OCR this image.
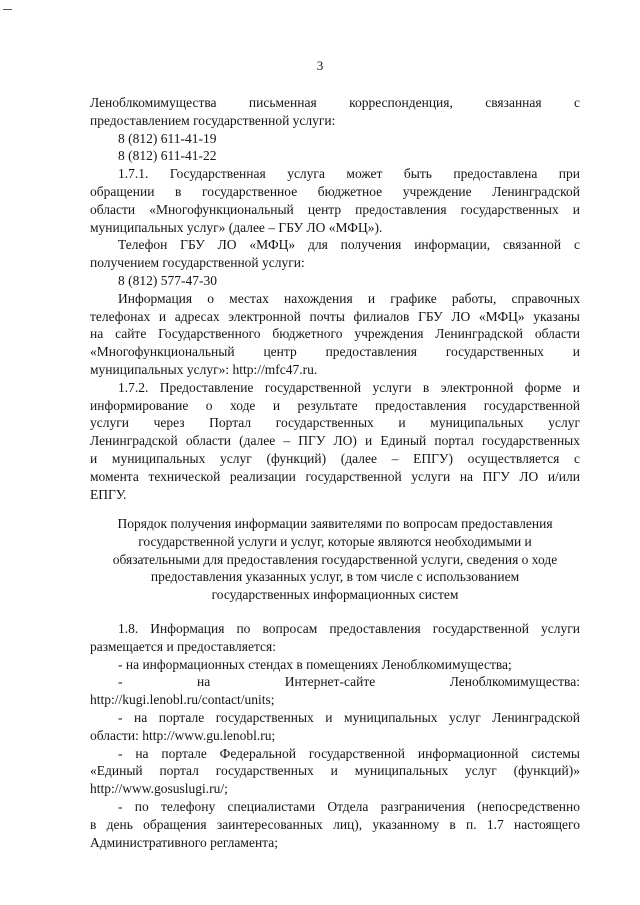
3

Леноблкомимущества письменная корреспонденция, связанная с

предоставлением государственной услуги:

8 (812) 611-41-19

8 (812) 611-41-22

1.7.1. Государственная услуга может быть предоставлена при

обращении в государственное бюджетное учреждение Ленинградской

области «Многофункциональный центр предоставления государственных и

муниципальных услуг» (далее – ГБУ ЛО «МФЦ»).

Телефон ГБУ ЛО «МФЦ» для получения информации, связанной с

получением государственной услуги:

8 (812) 577-47-30

Информация о местах нахождения и графике работы, справочных

телефонах и адресах электронной почты филиалов ГБУ ЛО «МФЦ» указаны

на сайте Государственного бюджетного учреждения Ленинградской области

«Многофункциональный центр предоставления государственных и

муниципальных услуг»: http://mfc47.ru.

1.7.2. Предоставление государственной услуги в электронной форме и

информирование о ходе и результате предоставления государственной

услуги через Портал государственных и муниципальных услуг

Ленинградской области (далее – ПГУ ЛО) и Единый портал государственных

и муниципальных услуг (функций) (далее – ЕПГУ) осуществляется с

момента технической реализации государственной услуги на ПГУ ЛО и/или

ЕПГУ.

Порядок получения информации заявителями по вопросам предоставления

государственной услуги и услуг, которые являются необходимыми и

обязательными для предоставления государственной услуги, сведения о ходе

предоставления указанных услуг, в том числе с использованием

государственных информационных систем

1.8. Информация по вопросам предоставления государственной услуги

размещается и предоставляется:

- на информационных стендах в помещениях Леноблкомимущества;

- на Интернет-сайте Леноблкомимущества:

http://kugi.lenobl.ru/contact/units;

- на портале государственных и муниципальных услуг Ленинградской

области: http://www.gu.lenobl.ru;

- на портале Федеральной государственной информационной системы

«Единый портал государственных и муниципальных услуг (функций)»

http://www.gosuslugi.ru/;

- по телефону специалистами Отдела разграничения (непосредственно

в день обращения заинтересованных лиц), указанному в п. 1.7 настоящего

Административного регламента;
